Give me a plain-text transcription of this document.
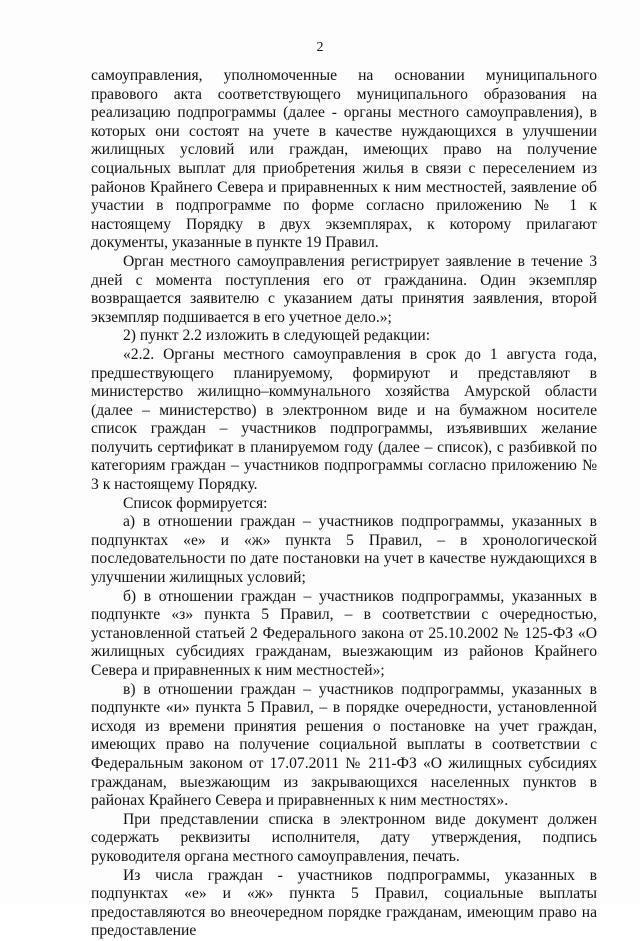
2

самоуправления, уполномоченные на основании муниципального правового акта соответствующего муниципального образования на реализацию подпрограммы (далее - органы местного самоуправления), в которых они состоят на учете в качестве нуждающихся в улучшении жилищных условий или граждан, имеющих право на получение социальных выплат для приобретения жилья в связи с переселением из районов Крайнего Севера и приравненных к ним местностей, заявление об участии в подпрограмме по форме согласно приложению № 1 к настоящему Порядку в двух экземплярах, к которому прилагают документы, указанные в пункте 19 Правил.

Орган местного самоуправления регистрирует заявление в течение 3 дней с момента поступления его от гражданина. Один экземпляр возвращается заявителю с указанием даты принятия заявления, второй экземпляр подшивается в его учетное дело.»;

2) пункт 2.2 изложить в следующей редакции:

«2.2. Органы местного самоуправления в срок до 1 августа года, предшествующего планируемому, формируют и представляют в министерство жилищно–коммунального хозяйства Амурской области (далее – министерство) в электронном виде и на бумажном носителе список граждан – участников подпрограммы, изъявивших желание получить сертификат в планируемом году (далее – список), с разбивкой по категориям граждан – участников подпрограммы согласно приложению № 3 к настоящему Порядку.

Список формируется:

а) в отношении граждан – участников подпрограммы, указанных в подпунктах «е» и «ж» пункта 5 Правил, – в хронологической последовательности по дате постановки на учет в качестве нуждающихся в улучшении жилищных условий;

б) в отношении граждан – участников подпрограммы, указанных в подпункте «з» пункта 5 Правил, – в соответствии с очередностью, установленной статьей 2 Федерального закона от 25.10.2002 № 125-ФЗ «О жилищных субсидиях гражданам, выезжающим из районов Крайнего Севера и приравненных к ним местностей»;

в) в отношении граждан – участников подпрограммы, указанных в подпункте «и» пункта 5 Правил, – в порядке очередности, установленной исходя из времени принятия решения о постановке на учет граждан, имеющих право на получение социальной выплаты в соответствии с Федеральным законом от 17.07.2011 № 211-ФЗ «О жилищных субсидиях гражданам, выезжающим из закрывающихся населенных пунктов в районах Крайнего Севера и приравненных к ним местностях».

При представлении списка в электронном виде документ должен содержать реквизиты исполнителя, дату утверждения, подпись руководителя органа местного самоуправления, печать.

Из числа граждан - участников подпрограммы, указанных в подпунктах «е» и «ж» пункта 5 Правил, социальные выплаты предоставляются во внеочередном порядке гражданам, имеющим право на предоставление
